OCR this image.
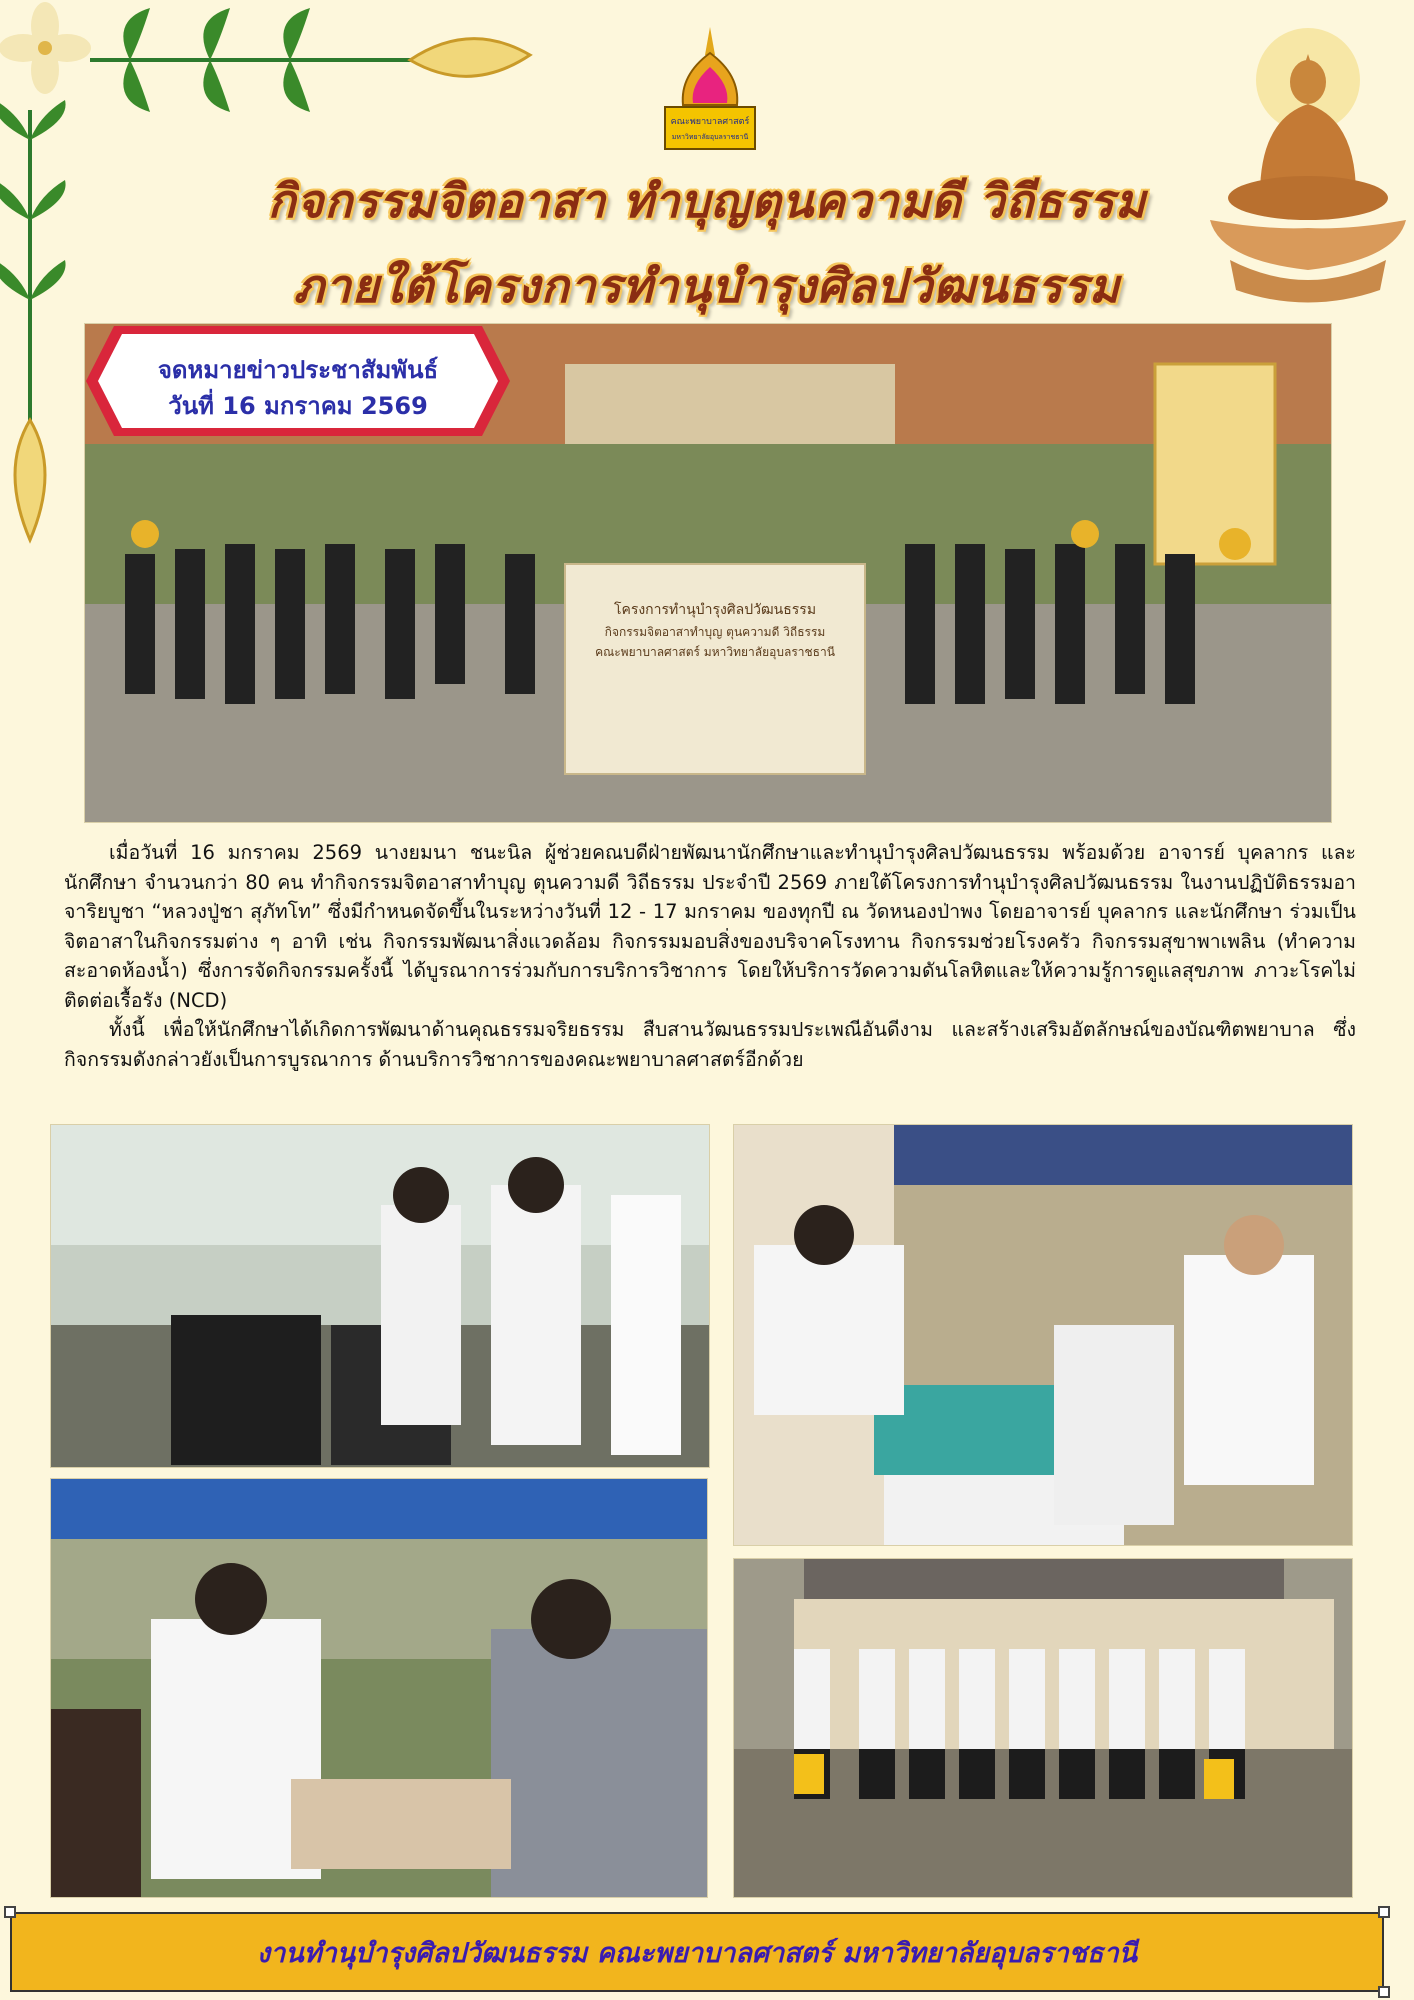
คณะพยาบาลศาสตร์
มหาวิทยาลัยอุบลราชธานี
กิจกรรมจิตอาสา ทำบุญตุนความดี วิถีธรรม
ภายใต้โครงการทำนุบำรุงศิลปวัฒนธรรม
โครงการทำนุบำรุงศิลปวัฒนธรรม
กิจกรรมจิตอาสาทำบุญ ตุนความดี วิถีธรรม
คณะพยาบาลศาสตร์ มหาวิทยาลัยอุบลราชธานี
จดหมายข่าวประชาสัมพันธ์
วันที่ 16 มกราคม 2569

เมื่อวันที่ 16 มกราคม 2569 นางยมนา ชนะนิล ผู้ช่วยคณบดีฝ่ายพัฒนานักศึกษาและทำนุบำรุงศิลปวัฒนธรรม พร้อมด้วย อาจารย์ บุคลากร และนักศึกษา จำนวนกว่า 80 คน ทำกิจกรรมจิตอาสาทำบุญ ตุนความดี วิถีธรรม ประจำปี 2569 ภายใต้โครงการทำนุบำรุงศิลปวัฒนธรรม ในงานปฏิบัติธรรมอาจาริยบูชา “หลวงปู่ชา สุภัทโท” ซึ่งมีกำหนดจัดขึ้นในระหว่างวันที่ 12 - 17 มกราคม ของทุกปี ณ วัดหนองป่าพง โดยอาจารย์ บุคลากร และนักศึกษา ร่วมเป็นจิตอาสาในกิจกรรมต่าง ๆ อาทิ เช่น กิจกรรมพัฒนาสิ่งแวดล้อม กิจกรรมมอบสิ่งของบริจาคโรงทาน กิจกรรมช่วยโรงครัว กิจกรรมสุขาพาเพลิน (ทำความสะอาดห้องน้ำ) ซึ่งการจัดกิจกรรมครั้งนี้ ได้บูรณาการร่วมกับการบริการวิชาการ โดยให้บริการวัดความดันโลหิตและให้ความรู้การดูแลสุขภาพ ภาวะโรคไม่ติดต่อเรื้อรัง (NCD)

ทั้งนี้ เพื่อให้นักศึกษาได้เกิดการพัฒนาด้านคุณธรรมจริยธรรม สืบสานวัฒนธรรมประเพณีอันดีงาม และสร้างเสริมอัตลักษณ์ของบัณฑิตพยาบาล ซึ่งกิจกรรมดังกล่าวยังเป็นการบูรณาการ ด้านบริการวิชาการของคณะพยาบาลศาสตร์อีกด้วย

งานทำนุบำรุงศิลปวัฒนธรรม คณะพยาบาลศาสตร์ มหาวิทยาลัยอุบลราชธานี
